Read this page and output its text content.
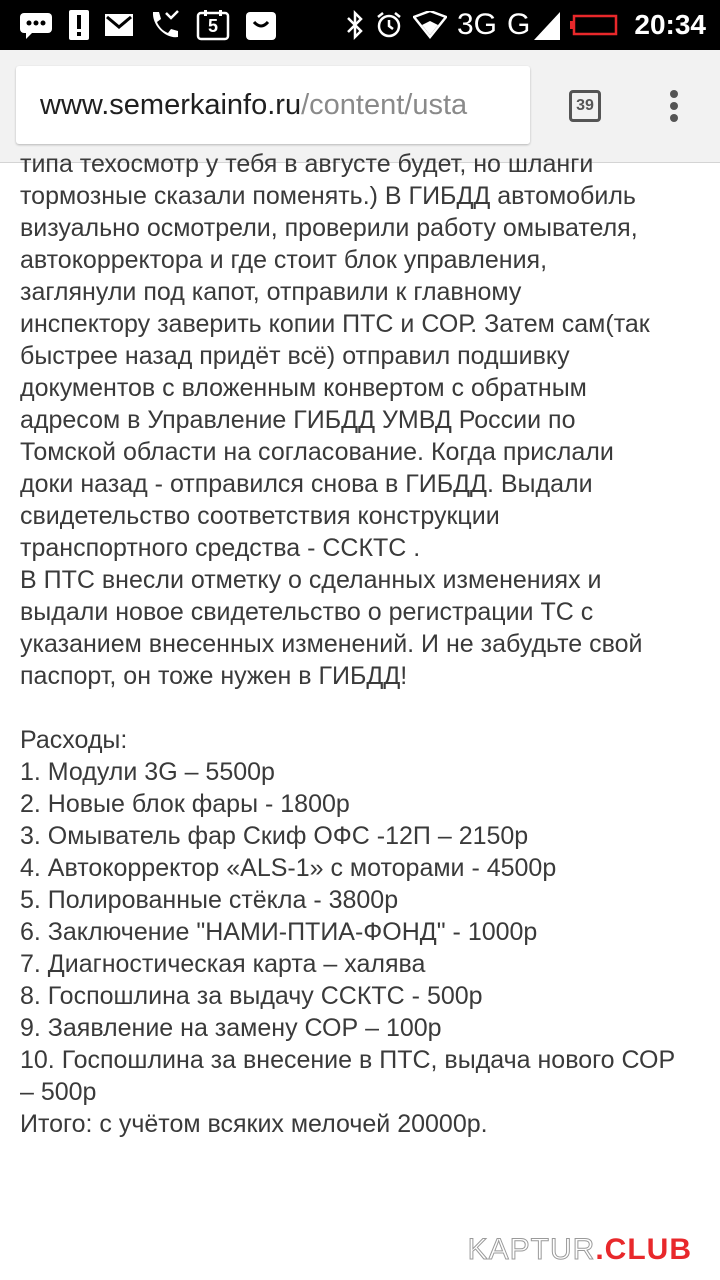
5	3G G	20:34
www.semerkainfo.ru/content/usta	39
типа техосмотр у тебя в августе будет, но шланги
тормозные сказали поменять.) В ГИБДД автомобиль
визуально осмотрели, проверили работу омывателя,
автокорректора и где стоит блок управления,
заглянули под капот, отправили к главному
инспектору заверить копии ПТС и СОР. Затем сам(так
быстрее назад придёт всё) отправил подшивку
документов с вложенным конвертом с обратным
адресом в Управление ГИБДД УМВД России по
Томской области на согласование. Когда прислали
доки назад - отправился снова в ГИБДД. Выдали
свидетельство соответствия конструкции
транспортного средства - ССКТС .
В ПТС внесли отметку о сделанных изменениях и
выдали новое свидетельство о регистрации ТС с
указанием внесенных изменений. И не забудьте свой
паспорт, он тоже нужен в ГИБДД!
Расходы:
1. Модули 3G – 5500р
2. Новые блок фары - 1800р
3. Омыватель фар Скиф ОФС -12П – 2150р
4. Автокорректор «ALS-1» с моторами - 4500р
5. Полированные стёкла - 3800р
6. Заключение "НАМИ-ПТИА-ФОНД" - 1000р
7. Диагностическая карта – халява
8. Госпошлина за выдачу ССКТС - 500р
9. Заявление на замену СОР – 100р
10. Госпошлина за внесение в ПТС, выдача нового СОР
– 500р
Итого: с учётом всяких мелочей 20000р.
KAPTUR.CLUB
